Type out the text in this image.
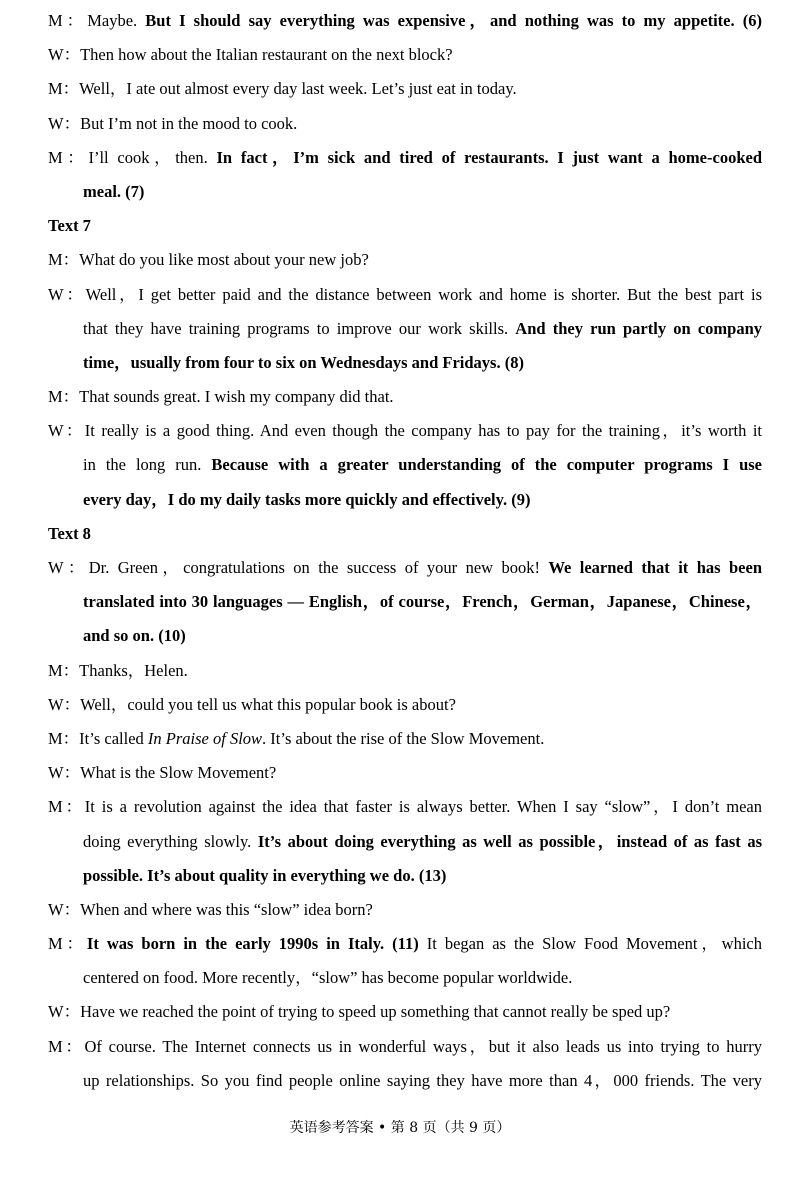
M：Maybe. But I should say everything was expensive，and nothing was to my appetite. (6)
W：Then how about the Italian restaurant on the next block?
M：Well，I ate out almost every day last week. Let’s just eat in today.
W：But I’m not in the mood to cook.
M：I’ll cook，then. In fact，I’m sick and tired of restaurants. I just want a home-cooked
meal. (7)
Text 7
M：What do you like most about your new job?
W：Well，I get better paid and the distance between work and home is shorter. But the best part is
that they have training programs to improve our work skills. And they run partly on company
time，usually from four to six on Wednesdays and Fridays. (8)
M：That sounds great. I wish my company did that.
W：It really is a good thing. And even though the company has to pay for the training，it’s worth it
in the long run. Because with a greater understanding of the computer programs I use
every day，I do my daily tasks more quickly and effectively. (9)
Text 8
W：Dr. Green，congratulations on the success of your new book! We learned that it has been
translated into 30 languages — English，of course，French，German，Japanese，Chinese，
and so on. (10)
M：Thanks，Helen.
W：Well，could you tell us what this popular book is about?
M：It’s called In Praise of Slow. It’s about the rise of the Slow Movement.
W：What is the Slow Movement?
M：It is a revolution against the idea that faster is always better. When I say “slow”，I don’t mean
doing everything slowly. It’s about doing everything as well as possible，instead of as fast as
possible. It’s about quality in everything we do. (13)
W：When and where was this “slow” idea born?
M：It was born in the early 1990s in Italy. (11) It began as the Slow Food Movement，which
centered on food. More recently，“slow” has become popular worldwide.
W：Have we reached the point of trying to speed up something that cannot really be sped up?
M：Of course. The Internet connects us in wonderful ways，but it also leads us into trying to hurry
up relationships. So you find people online saying they have more than 4，000 friends. The very
英语参考答案 • 第 8 页（共 9 页）
